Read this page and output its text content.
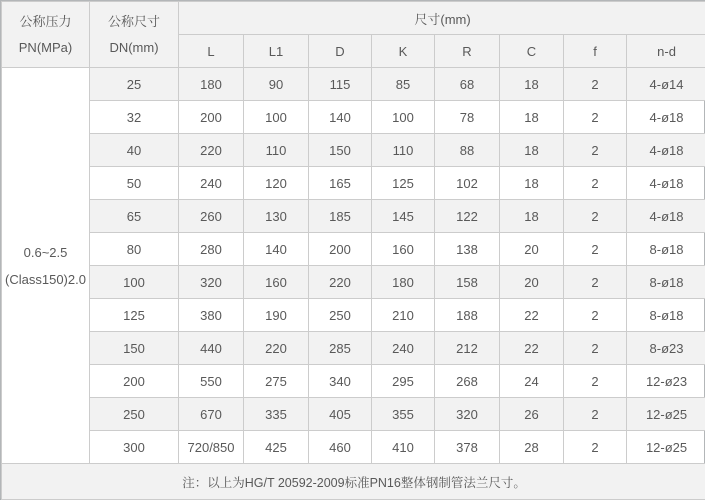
公称压力
PN(MPa)

公称尺寸
DN(mm)
	尺寸(mm)
		L	L1	D	K	R	C	f	n-d

0.6~2.5
(Class150)2.0	25	180	90	115	85	68	18	2	4-ø14
	32	200	100	140	100	78	18	2	4-ø18
	40	220	110	150	110	88	18	2	4-ø18
	50	240	120	165	125	102	18	2	4-ø18
	65	260	130	185	145	122	18	2	4-ø18
	80	280	140	200	160	138	20	2	8-ø18
	100	320	160	220	180	158	20	2	8-ø18
	125	380	190	250	210	188	22	2	8-ø18
	150	440	220	285	240	212	22	2	8-ø23
	200	550	275	340	295	268	24	2	12-ø23
	250	670	335	405	355	320	26	2	12-ø25
	300	720/850	425	460	410	378	28	2	12-ø25
注：以上为HG/T 20592-2009标准PN16整体钢制管法兰尺寸。									
